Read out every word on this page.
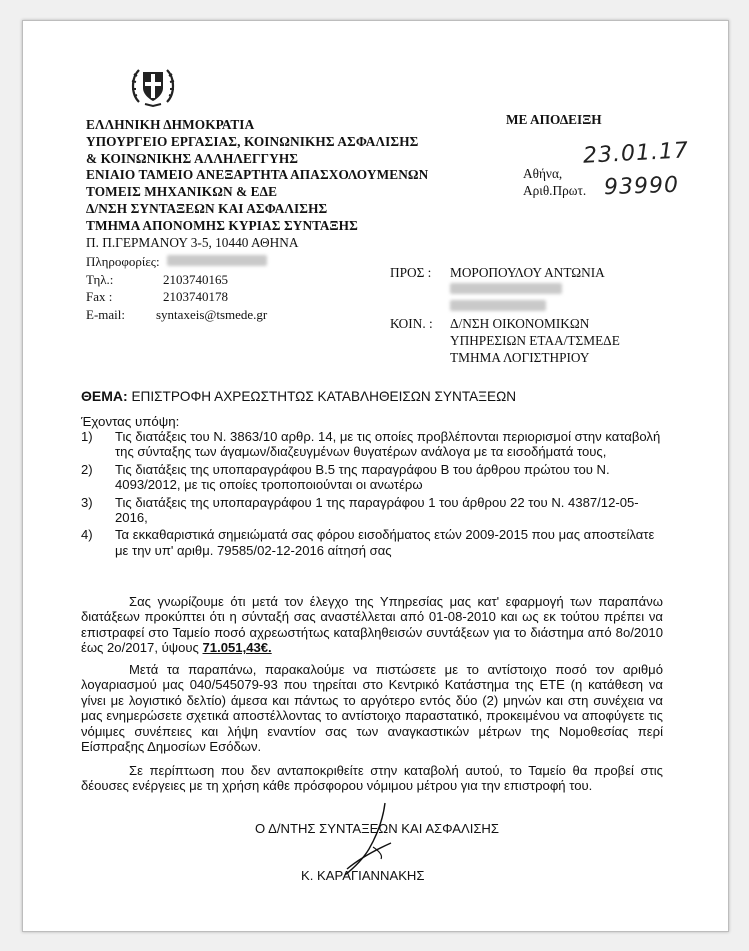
ΕΛΛΗΝΙΚΗ ΔΗΜΟΚΡΑΤΙΑ
ΥΠΟΥΡΓΕΙΟ ΕΡΓΑΣΙΑΣ, ΚΟΙΝΩΝΙΚΗΣ ΑΣΦΑΛΙΣΗΣ
& ΚΟΙΝΩΝΙΚΗΣ ΑΛΛΗΛΕΓΓΥΗΣ
ΕΝΙΑΙΟ ΤΑΜΕΙΟ ΑΝΕΞΑΡΤΗΤΑ ΑΠΑΣΧΟΛΟΥΜΕΝΩΝ
ΤΟΜΕΙΣ ΜΗΧΑΝΙΚΩΝ & ΕΔΕ
Δ/ΝΣΗ ΣΥΝΤΑΞΕΩΝ ΚΑΙ ΑΣΦΑΛΙΣΗΣ
ΤΜΗΜΑ ΑΠΟΝΟΜΗΣ ΚΥΡΙΑΣ ΣΥΝΤΑΞΗΣ
Π. Π.ΓΕΡΜΑΝΟΥ 3-5, 10440 ΑΘΗΝΑ
Πληροφορίες:
Τηλ.:	2103740165
Fax :	2103740178
E-mail: syntaxeis@tsmede.gr
ΜΕ ΑΠΟΔΕΙΞΗ
23.01.17
Αθήνα, 93990
Αριθ.Πρωτ.
ΠΡΟΣ : ΜΟΡΟΠΟΥΛΟΥ ΑΝΤΩΝΙΑ
ΚΟΙΝ. : Δ/ΝΣΗ ΟΙΚΟΝΟΜΙΚΩΝ
ΥΠΗΡΕΣΙΩΝ ΕΤΑΑ/ΤΣΜΕΔΕ
ΤΜΗΜΑ ΛΟΓΙΣΤΗΡΙΟΥ
ΘΕΜΑ: ΕΠΙΣΤΡΟΦΗ ΑΧΡΕΩΣΤΗΤΩΣ ΚΑΤΑΒΛΗΘΕΙΣΩΝ ΣΥΝΤΑΞΕΩΝ
Έχοντας υπόψη:
1) Τις διατάξεις του Ν. 3863/10 αρθρ. 14, με τις οποίες προβλέπονται περιορισμοί στην καταβολή της σύνταξης των άγαμων/διαζευγμένων θυγατέρων ανάλογα με τα εισοδήματά τους,
2) Τις διατάξεις της υποπαραγράφου Β.5 της παραγράφου Β του άρθρου πρώτου του Ν. 4093/2012, με τις οποίες τροποποιούνται οι ανωτέρω
3) Τις διατάξεις της υποπαραγράφου 1 της παραγράφου 1 του άρθρου 22 του Ν. 4387/12-05-2016,
4) Τα εκκαθαριστικά σημειώματά σας φόρου εισοδήματος ετών 2009-2015 που μας αποστείλατε με την υπ' αριθμ. 79585/02-12-2016 αίτησή σας
Σας γνωρίζουμε ότι μετά τον έλεγχο της Υπηρεσίας μας κατ' εφαρμογή των παραπάνω διατάξεων προκύπτει ότι η σύνταξή σας αναστέλλεται από 01-08-2010 και ως εκ τούτου πρέπει να επιστραφεί στο Ταμείο ποσό αχρεωστήτως καταβληθεισών συντάξεων για το διάστημα από 8ο/2010 έως 2ο/2017, ύψους 71.051,43€.
Μετά τα παραπάνω, παρακαλούμε να πιστώσετε με το αντίστοιχο ποσό τον αριθμό λογαριασμού μας 040/545079-93 που τηρείται στο Κεντρικό Κατάστημα της ΕΤΕ (η κατάθεση να γίνει με λογιστικό δελτίο) άμεσα και πάντως το αργότερο εντός δύο (2) μηνών και στη συνέχεια να μας ενημερώσετε σχετικά αποστέλλοντας το αντίστοιχο παραστατικό, προκειμένου να αποφύγετε τις νόμιμες συνέπειες και λήψη εναντίον σας των αναγκαστικών μέτρων της Νομοθεσίας περί Είσπραξης Δημοσίων Εσόδων.
Σε περίπτωση που δεν ανταποκριθείτε στην καταβολή αυτού, το Ταμείο θα προβεί στις δέουσες ενέργειες με τη χρήση κάθε πρόσφορου νόμιμου μέτρου για την επιστροφή του.
Ο Δ/ΝΤΗΣ ΣΥΝΤΑΞΕΩΝ ΚΑΙ ΑΣΦΑΛΙΣΗΣ
Κ. ΚΑΡΑΓΙΑΝΝΑΚΗΣ
